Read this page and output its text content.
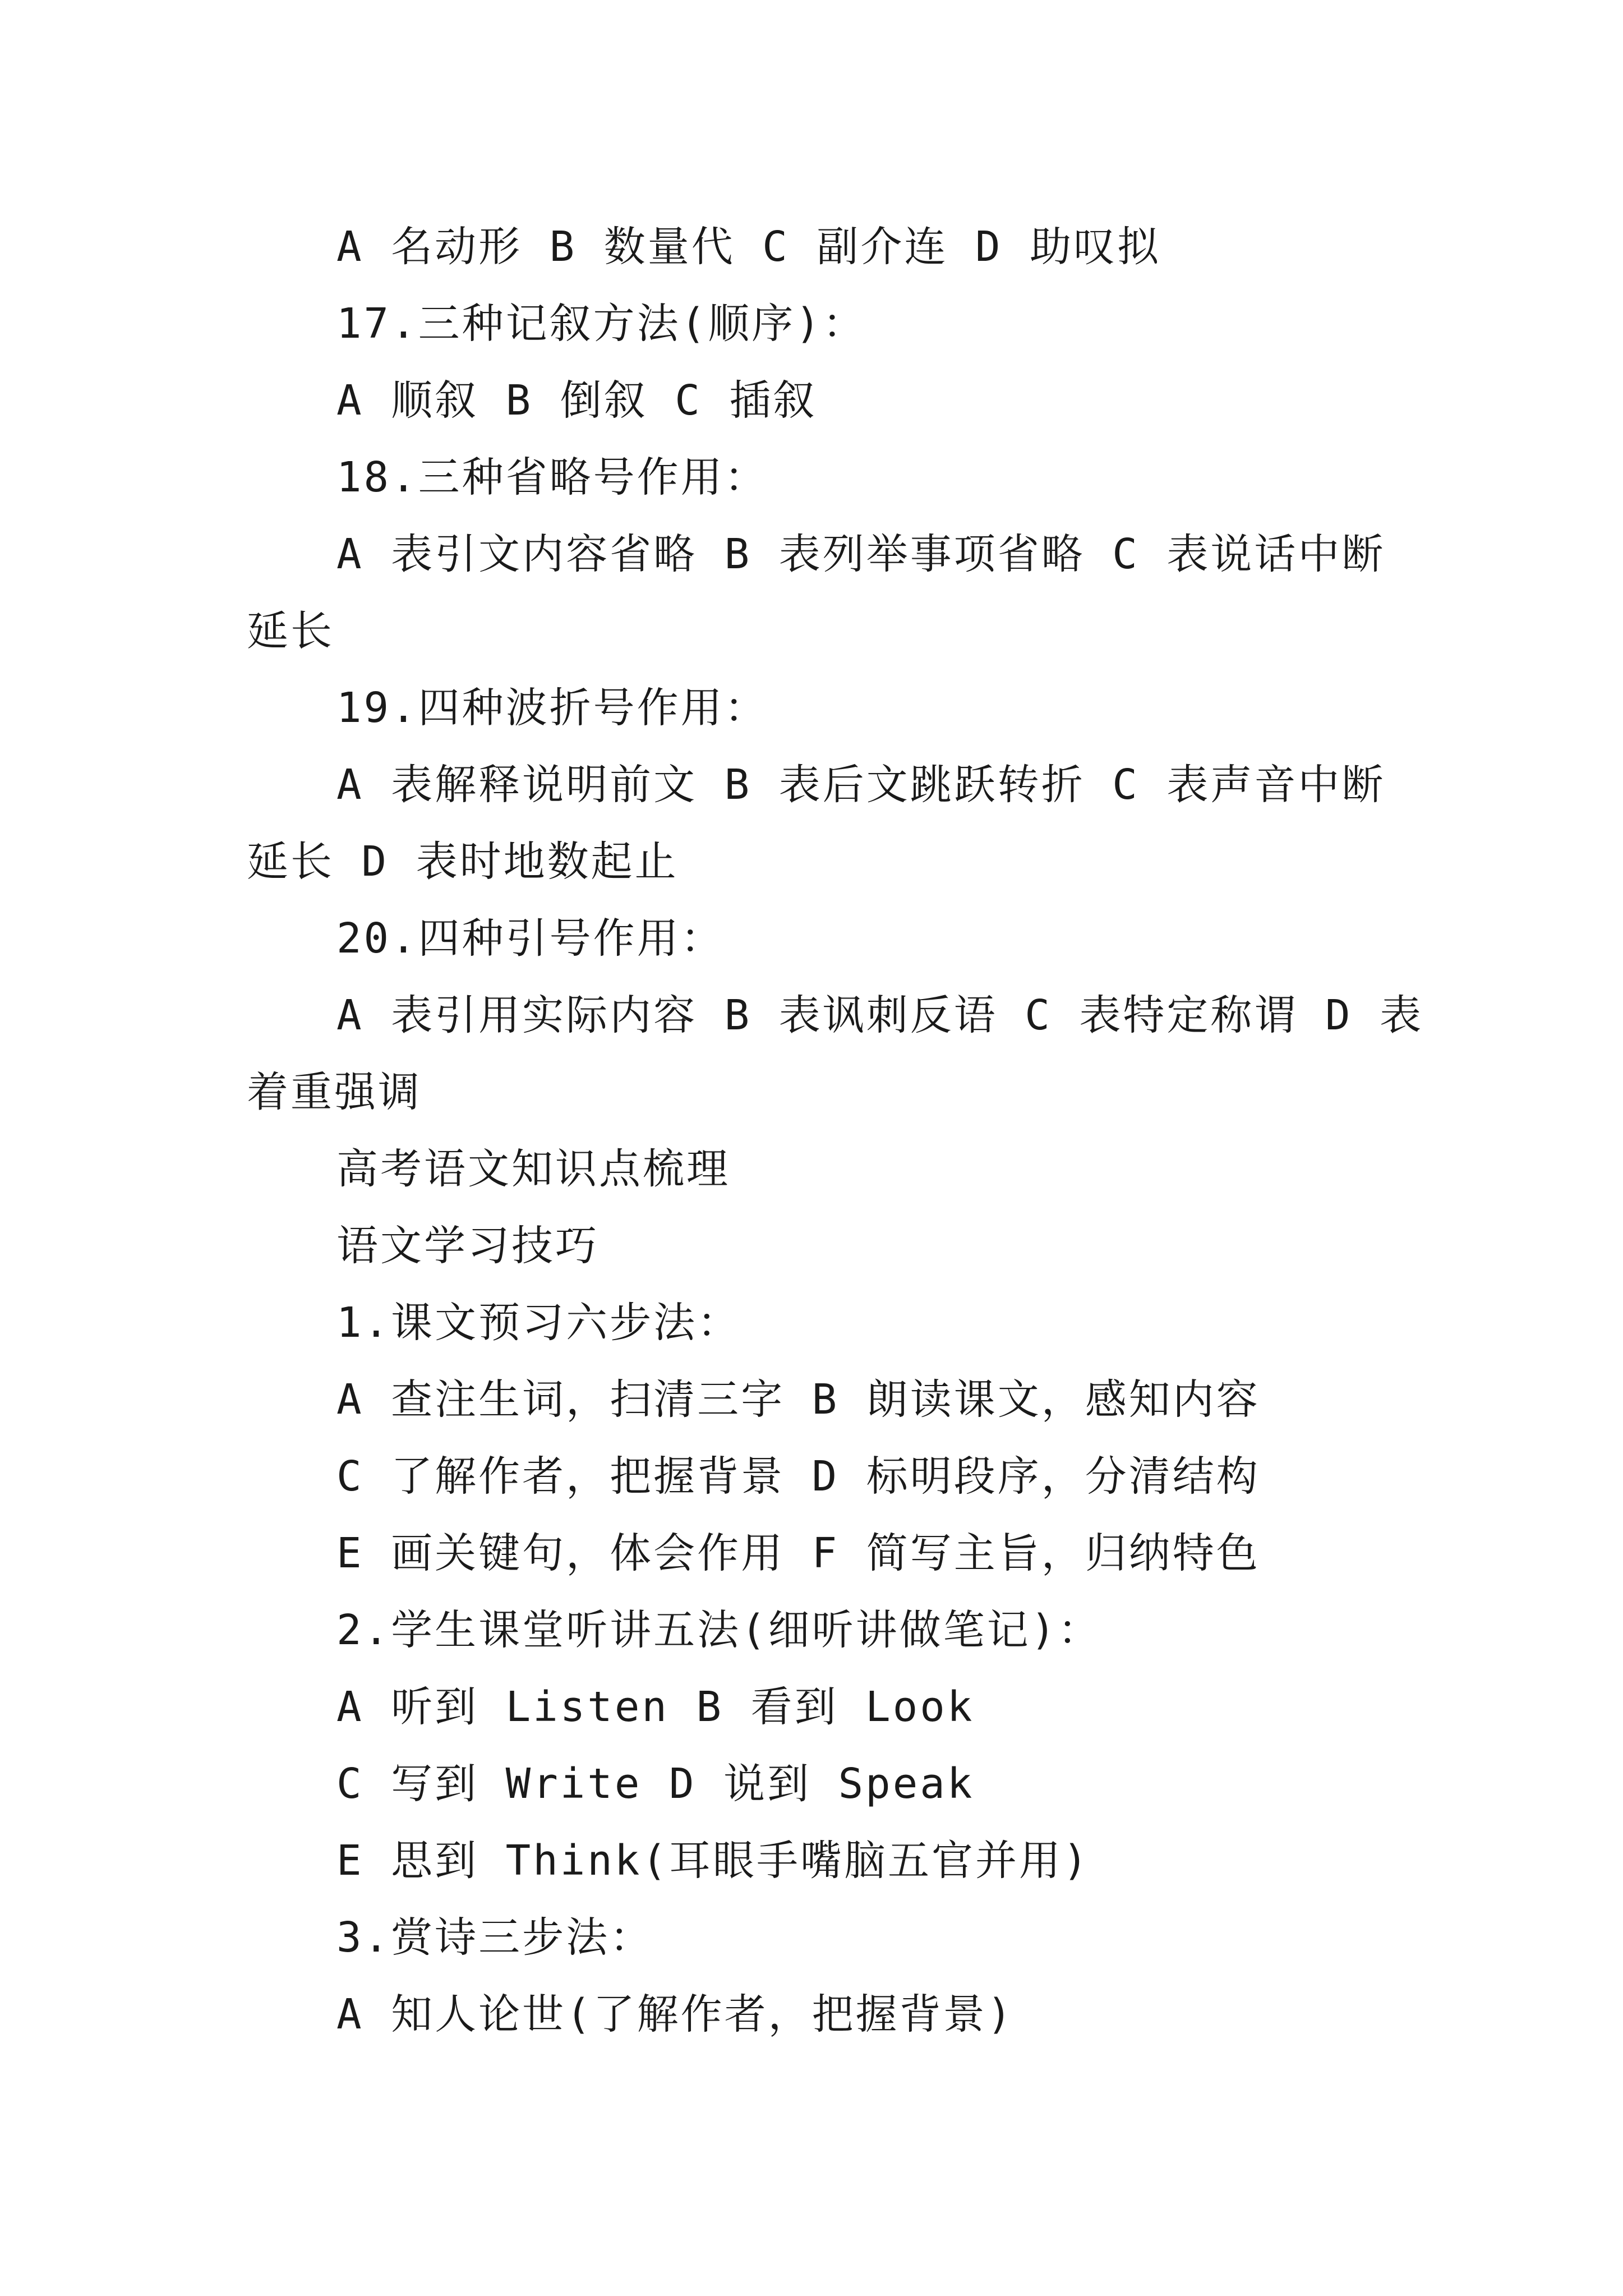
A 名动形 B 数量代 C 副介连 D 助叹拟
17.三种记叙方法(顺序)：
A 顺叙 B 倒叙 C 插叙
18.三种省略号作用：
A 表引文内容省略 B 表列举事项省略 C 表说话中断
延长
19.四种波折号作用：
A 表解释说明前文 B 表后文跳跃转折 C 表声音中断
延长 D 表时地数起止
20.四种引号作用：
A 表引用实际内容 B 表讽刺反语 C 表特定称谓 D 表
着重强调
高考语文知识点梳理
语文学习技巧
1.课文预习六步法：
A 查注生词，扫清三字 B 朗读课文，感知内容
C 了解作者，把握背景 D 标明段序，分清结构
E 画关键句，体会作用 F 简写主旨，归纳特色
2.学生课堂听讲五法(细听讲做笔记)：
A 听到 Listen B 看到 Look
C 写到 Write D 说到 Speak
E 思到 Think(耳眼手嘴脑五官并用)
3.赏诗三步法：
A 知人论世(了解作者，把握背景)
